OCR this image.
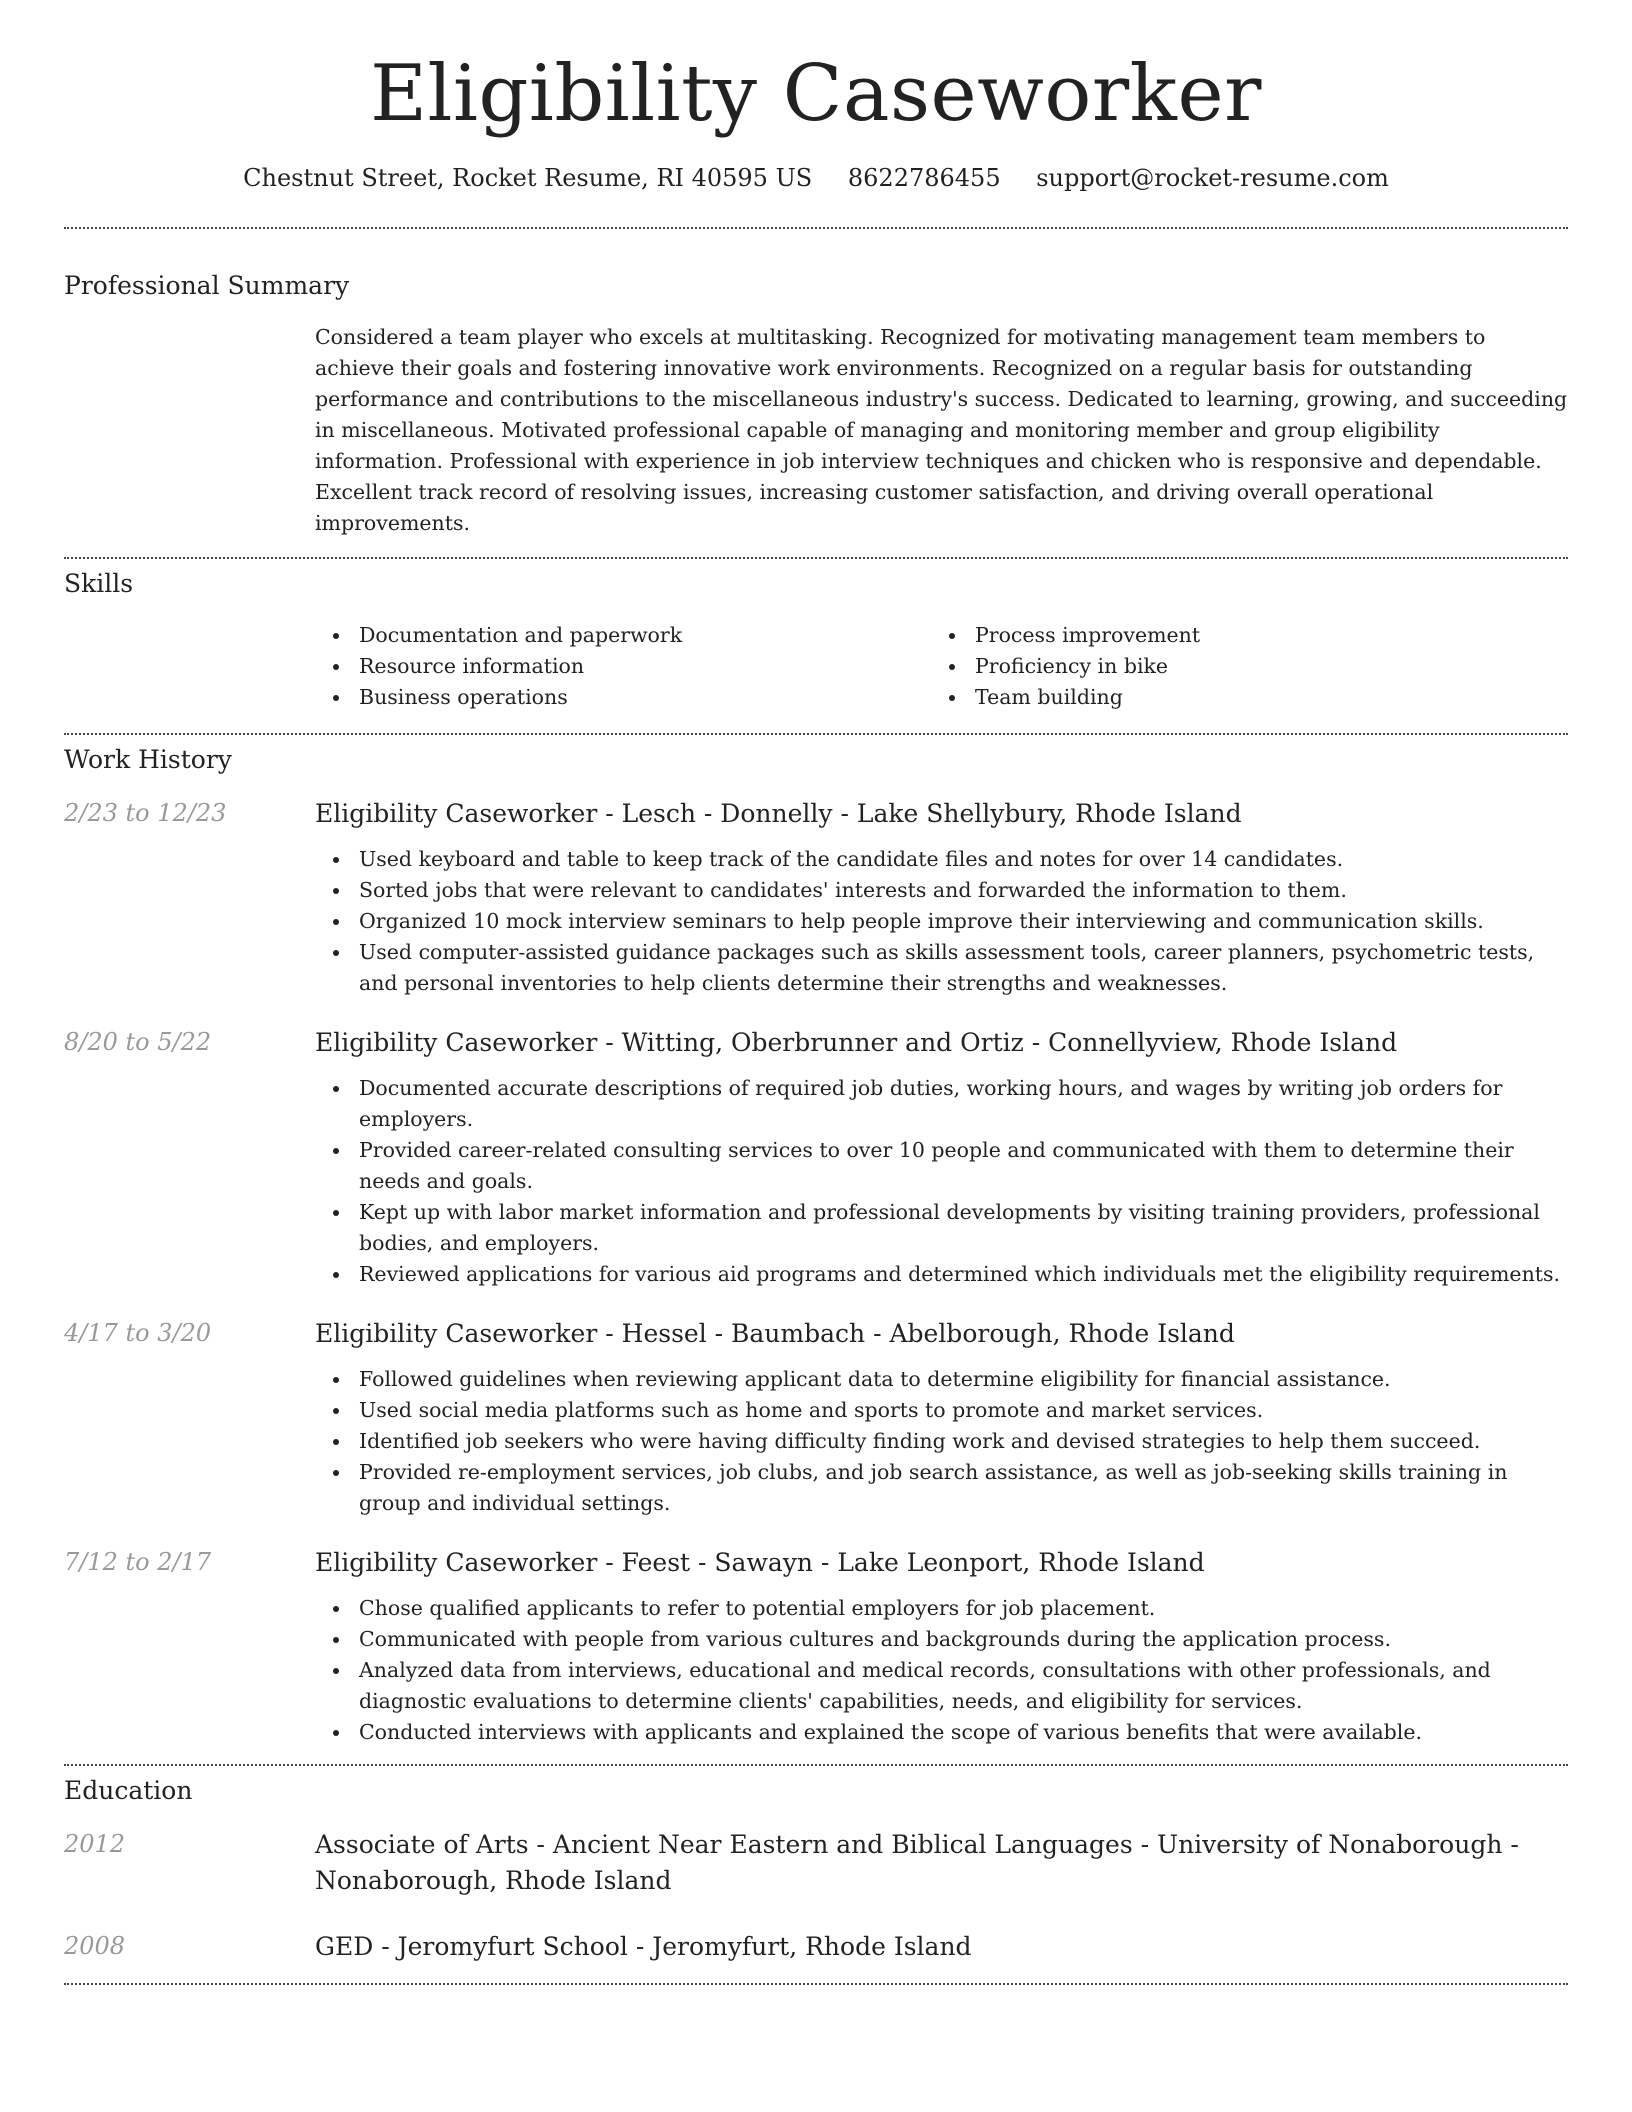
Eligibility Caseworker
Chestnut Street, Rocket Resume, RI 40595 US 8622786455 support@rocket-resume.com
Professional Summary

Considered a team player who excels at multitasking. Recognized for motivating management team members to achieve their goals and fostering innovative work environments. Recognized on a regular basis for outstanding performance and contributions to the miscellaneous industry's success. Dedicated to learning, growing, and succeeding in miscellaneous. Motivated professional capable of managing and monitoring member and group eligibility information. Professional with experience in job interview techniques and chicken who is responsive and dependable. Excellent track record of resolving issues, increasing customer satisfaction, and driving overall operational improvements.

Skills
Documentation and paperwork
Resource information
Business operations
Process improvement
Proficiency in bike
Team building
Work History
2/23 to 12/23	Eligibility Caseworker - Lesch - Donnelly - Lake Shellybury, Rhode Island
Used keyboard and table to keep track of the candidate files and notes for over 14 candidates.
Sorted jobs that were relevant to candidates' interests and forwarded the information to them.
Organized 10 mock interview seminars to help people improve their interviewing and communication skills.
Used computer-assisted guidance packages such as skills assessment tools, career planners, psychometric tests, and personal inventories to help clients determine their strengths and weaknesses.
8/20 to 5/22	Eligibility Caseworker - Witting, Oberbrunner and Ortiz - Connellyview, Rhode Island
Documented accurate descriptions of required job duties, working hours, and wages by writing job orders for employers.
Provided career-related consulting services to over 10 people and communicated with them to determine their needs and goals.
Kept up with labor market information and professional developments by visiting training providers, professional bodies, and employers.
Reviewed applications for various aid programs and determined which individuals met the eligibility requirements.
4/17 to 3/20	Eligibility Caseworker - Hessel - Baumbach - Abelborough, Rhode Island
Followed guidelines when reviewing applicant data to determine eligibility for financial assistance.
Used social media platforms such as home and sports to promote and market services.
Identified job seekers who were having difficulty finding work and devised strategies to help them succeed.
Provided re-employment services, job clubs, and job search assistance, as well as job-seeking skills training in group and individual settings.
7/12 to 2/17	Eligibility Caseworker - Feest - Sawayn - Lake Leonport, Rhode Island
Chose qualified applicants to refer to potential employers for job placement.
Communicated with people from various cultures and backgrounds during the application process.
Analyzed data from interviews, educational and medical records, consultations with other professionals, and diagnostic evaluations to determine clients' capabilities, needs, and eligibility for services.
Conducted interviews with applicants and explained the scope of various benefits that were available.
Education
2012	Associate of Arts - Ancient Near Eastern and Biblical Languages - University of Nonaborough - Nonaborough, Rhode Island
2008	GED - Jeromyfurt School - Jeromyfurt, Rhode Island
